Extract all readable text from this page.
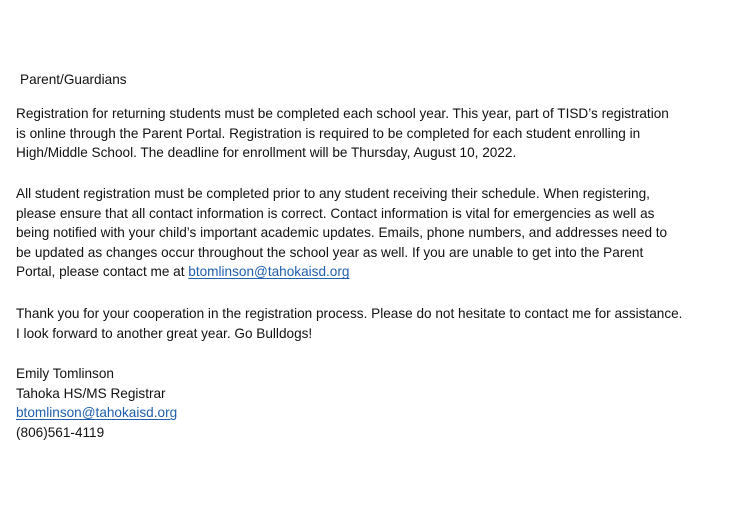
Parent/Guardians
Registration for returning students must be completed each school year. This year, part of TISD’s registration
is online through the Parent Portal. Registration is required to be completed for each student enrolling in
High/Middle School. The deadline for enrollment will be Thursday, August 10, 2022.
All student registration must be completed prior to any student receiving their schedule. When registering,
please ensure that all contact information is correct. Contact information is vital for emergencies as well as
being notified with your child’s important academic updates. Emails, phone numbers, and addresses need to
be updated as changes occur throughout the school year as well. If you are unable to get into the Parent
Portal, please contact me at btomlinson@tahokaisd.org
Thank you for your cooperation in the registration process. Please do not hesitate to contact me for assistance.
I look forward to another great year. Go Bulldogs!
Emily Tomlinson
Tahoka HS/MS Registrar
btomlinson@tahokaisd.org
(806)561-4119
